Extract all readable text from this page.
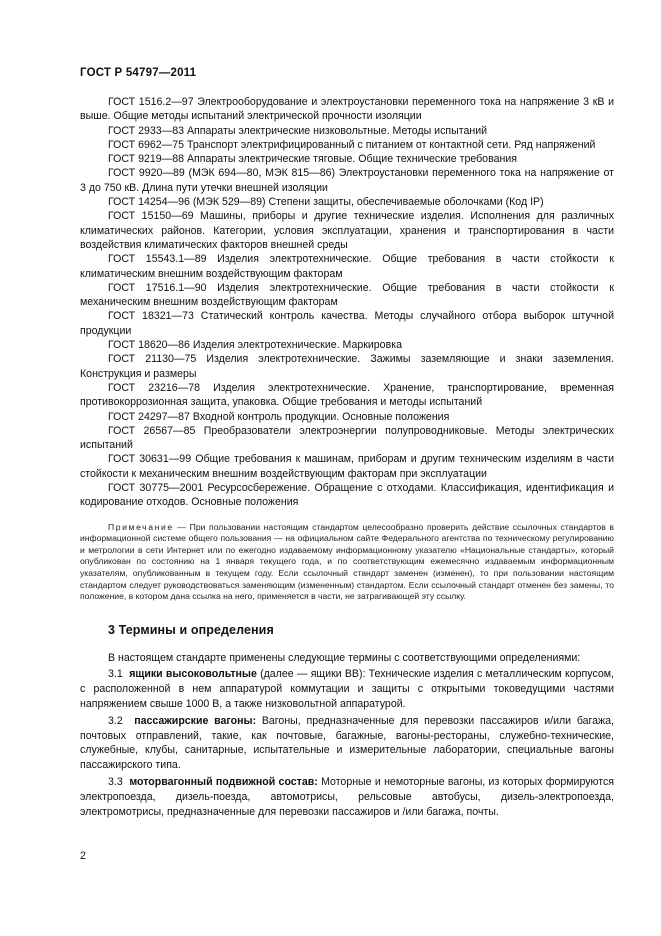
ГОСТ Р 54797—2011

ГОСТ 1516.2—97 Электрооборудование и электроустановки переменного тока на напряжение 3 кВ и выше. Общие методы испытаний электрической прочности изоляции

ГОСТ 2933—83 Аппараты электрические низковольтные. Методы испытаний

ГОСТ 6962—75 Транспорт электрифицированный с питанием от контактной сети. Ряд напряжений

ГОСТ 9219—88 Аппараты электрические тяговые. Общие технические требования

ГОСТ 9920—89 (МЭК 694—80, МЭК 815—86) Электроустановки переменного тока на напряжение от 3 до 750 кВ. Длина пути утечки внешней изоляции

ГОСТ 14254—96 (МЭК 529—89) Степени защиты, обеспечиваемые оболочками (Код IP)

ГОСТ 15150—69 Машины, приборы и другие технические изделия. Исполнения для различных климатических районов. Категории, условия эксплуатации, хранения и транспортирования в части воздействия климатических факторов внешней среды

ГОСТ 15543.1—89 Изделия электротехнические. Общие требования в части стойкости к климатическим внешним воздействующим факторам

ГОСТ 17516.1—90 Изделия электротехнические. Общие требования в части стойкости к механическим внешним воздействующим факторам

ГОСТ 18321—73 Статический контроль качества. Методы случайного отбора выборок штучной продукции

ГОСТ 18620—86 Изделия электротехнические. Маркировка

ГОСТ 21130—75 Изделия электротехнические. Зажимы заземляющие и знаки заземления. Конструкция и размеры

ГОСТ 23216—78 Изделия электротехнические. Хранение, транспортирование, временная противокоррозионная защита, упаковка. Общие требования и методы испытаний

ГОСТ 24297—87 Входной контроль продукции. Основные положения

ГОСТ 26567—85 Преобразователи электроэнергии полупроводниковые. Методы электрических испытаний

ГОСТ 30631—99 Общие требования к машинам, приборам и другим техническим изделиям в части стойкости к механическим внешним воздействующим факторам при эксплуатации

ГОСТ 30775—2001 Ресурсосбережение. Обращение с отходами. Классификация, идентификация и кодирование отходов. Основные положения

Примечание — При пользовании настоящим стандартом целесообразно проверить действие ссылочных стандартов в информационной системе общего пользования — на официальном сайте Федерального агентства по техническому регулированию и метрологии в сети Интернет или по ежегодно издаваемому информационному указателю «Национальные стандарты», который опубликован по состоянию на 1 января текущего года, и по соответствующим ежемесячно издаваемым информационным указателям, опубликованным в текущем году. Если ссылочный стандарт заменен (изменен), то при пользовании настоящим стандартом следует руководствоваться заменяющим (измененным) стандартом. Если ссылочный стандарт отменен без замены, то положение, в котором дана ссылка на него, применяется в части, не затрагивающей эту ссылку.
3 Термины и определения
В настоящем стандарте применены следующие термины с соответствующими определениями:
3.1 ящики высоковольтные (далее — ящики ВВ): Технические изделия с металлическим корпусом, с расположенной в нем аппаратурой коммутации и защиты с открытыми токоведущими частями напряжением свыше 1000 В, а также низковольтной аппаратурой.
3.2 пассажирские вагоны: Вагоны, предназначенные для перевозки пассажиров и/или багажа, почтовых отправлений, такие, как почтовые, багажные, вагоны-рестораны, служебно-технические, служебные, клубы, санитарные, испытательные и измерительные лаборатории, специальные вагоны пассажирского типа.
3.3 моторвагонный подвижной состав: Моторные и немоторные вагоны, из которых формируются электропоезда, дизель-поезда, автомотрисы, рельсовые автобусы, дизель-электропоезда, электромотрисы, предназначенные для перевозки пассажиров и /или багажа, почты.
2
